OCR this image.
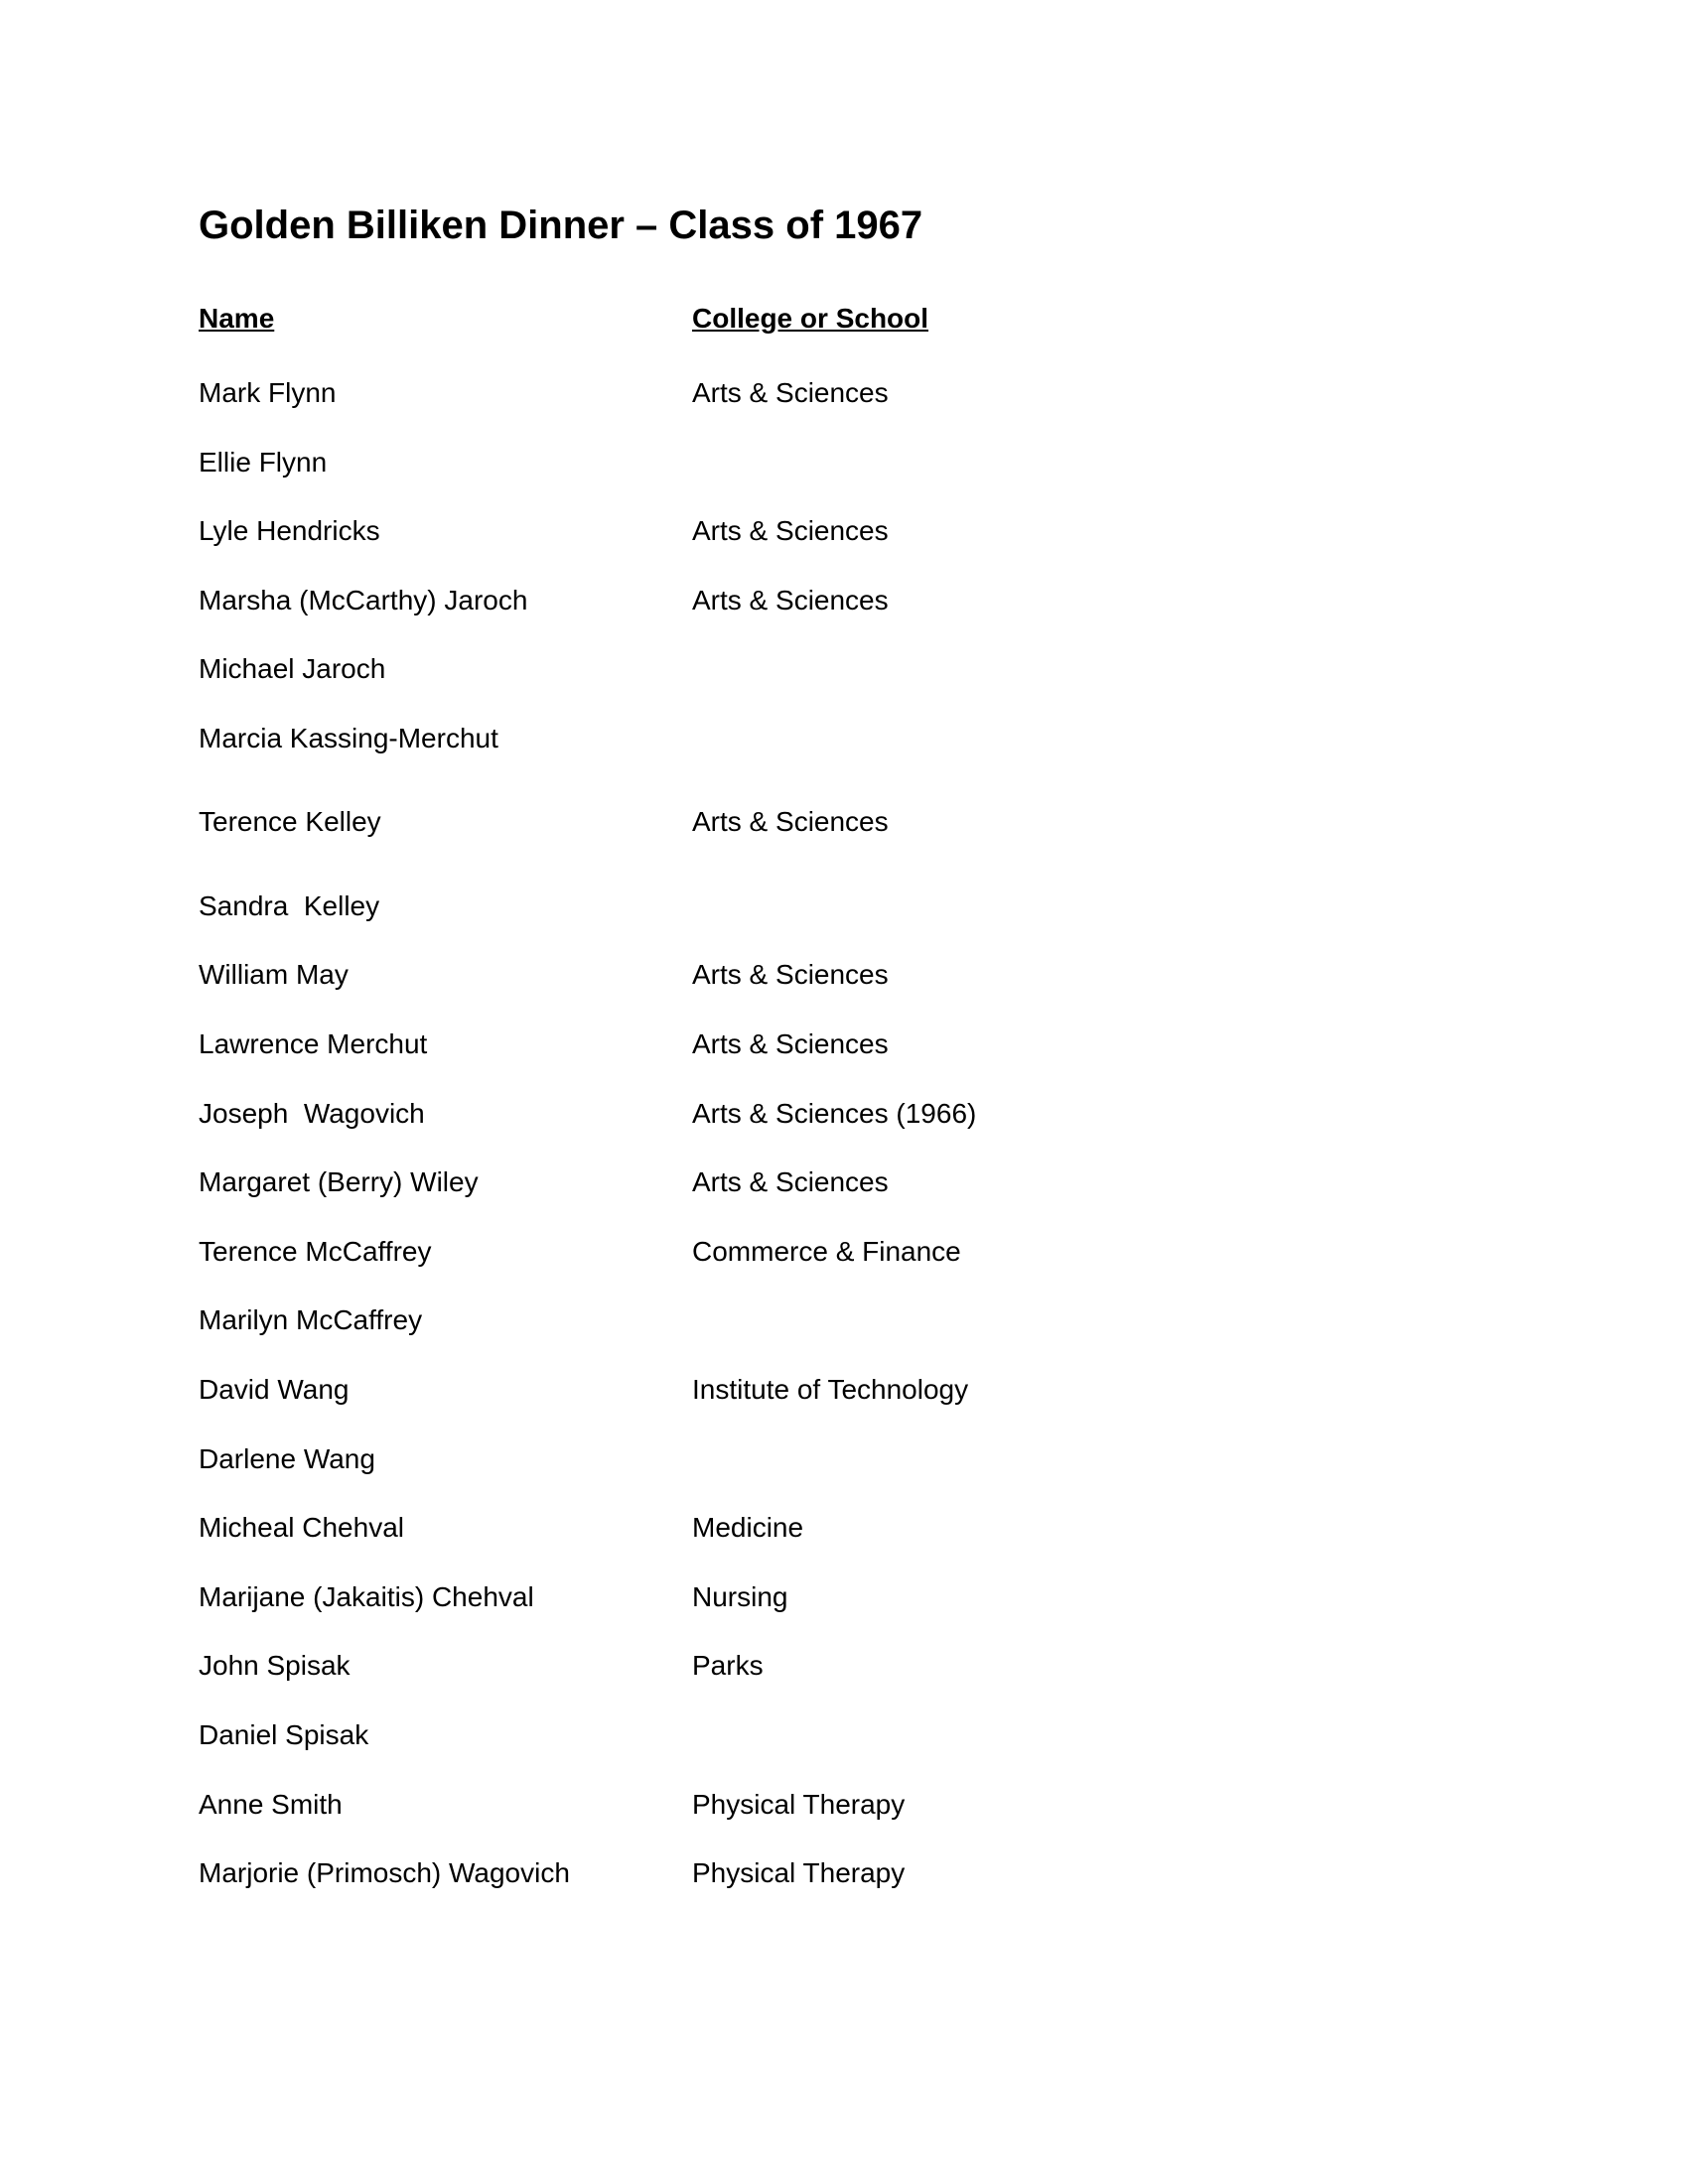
Golden Billiken Dinner – Class of 1967
Name	College or School
Mark Flynn	Arts & Sciences
Ellie Flynn
Lyle Hendricks	Arts & Sciences
Marsha (McCarthy) Jaroch	Arts & Sciences
Michael Jaroch
Marcia Kassing-Merchut
Terence Kelley	Arts & Sciences
Sandra  Kelley
William May	Arts & Sciences
Lawrence Merchut	Arts & Sciences
Joseph  Wagovich	Arts & Sciences (1966)
Margaret (Berry) Wiley	Arts & Sciences
Terence McCaffrey	Commerce & Finance
Marilyn McCaffrey
David Wang	Institute of Technology
Darlene Wang
Micheal Chehval	Medicine
Marijane (Jakaitis) Chehval	Nursing
John Spisak	Parks
Daniel Spisak
Anne Smith	Physical Therapy
Marjorie (Primosch) Wagovich	Physical Therapy
